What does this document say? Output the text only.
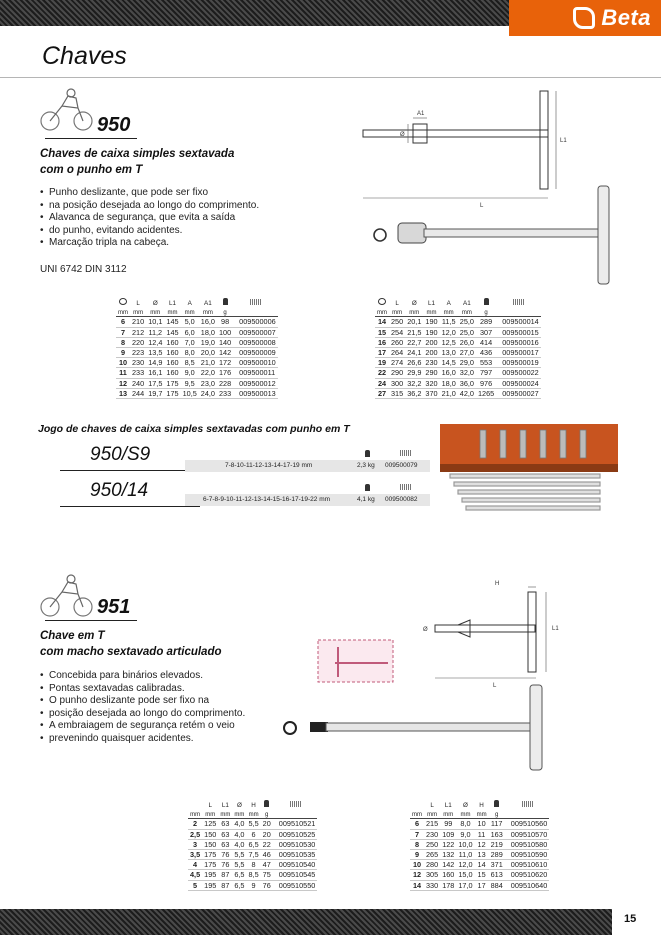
Beta
Chaves
950
Chaves de caixa simples sextavada
com o punho em T
• Punho deslizante, que pode ser fixo
• na posição desejada ao longo do comprimento.
• Alavanca de segurança, que evita a saída
• do punho, evitando acidentes.
• Marcação tripla na cabeça.
UNI 6742 DIN 3112
A1
Ø
L1
L
	L	Ø	L1	A	A1		
mm	mm	mm	mm	mm	mm	g	
6	210	10,1	145	5,0	16,0	98	009500006
7	212	11,2	145	6,0	18,0	100	009500007
8	220	12,4	160	7,0	19,0	140	009500008
9	223	13,5	160	8,0	20,0	142	009500009
10	230	14,9	160	8,5	21,0	172	009500010
11	233	16,1	160	9,0	22,0	176	009500011
12	240	17,5	175	9,5	23,0	228	009500012
13	244	19,7	175	10,5	24,0	233	009500013
	L	Ø	L1	A	A1		
mm	mm	mm	mm	mm	mm	g	
14	250	20,1	190	11,5	25,0	289	009500014
15	254	21,5	190	12,0	25,0	307	009500015
16	260	22,7	200	12,5	26,0	414	009500016
17	264	24,1	200	13,0	27,0	436	009500017
19	274	26,6	230	14,5	29,0	553	009500019
22	290	29,9	290	16,0	32,0	797	009500022
24	300	32,2	320	18,0	36,0	976	009500024
27	315	36,2	370	21,0	42,0	1265	009500027
Jogo de chaves de caixa simples sextavadas com punho em T
950/S9	7-8-10-11-12-13-14-17-19 mm	2,3 kg 009500079
950/14	6-7-8-9-10-11-12-13-14-15-16-17-19-22 mm	4,1 kg 009500082
951
Chave em T
com macho sextavado articulado
• Concebida para binários elevados.
• Pontas sextavadas calibradas.
• O punho deslizante pode ser fixo na
• posição desejada ao longo do comprimento.
• A embraiagem de segurança retém o veio
• prevenindo quaisquer acidentes.
H
Ø	L1
L
	L	L1	Ø	H		
mm	mm	mm	mm	mm	g	
2	125	63	4,0	5,5	20	009510521
2,5	150	63	4,0	6	20	009510525
3	150	63	4,0	6,5	22	009510530
3,5	175	76	5,5	7,5	46	009510535
4	175	76	5,5	8	47	009510540
4,5	195	87	6,5	8,5	75	009510545
5	195	87	6,5	9	76	009510550
	L	L1	Ø	H		
mm	mm	mm	mm	mm	g	
6	215	99	8,0	10	117	009510560
7	230	109	9,0	11	163	009510570
8	250	122	10,0	12	219	009510580
9	265	132	11,0	13	289	009510590
10	280	142	12,0	14	371	009510610
12	305	160	15,0	15	613	009510620
14	330	178	17,0	17	884	009510640
15
